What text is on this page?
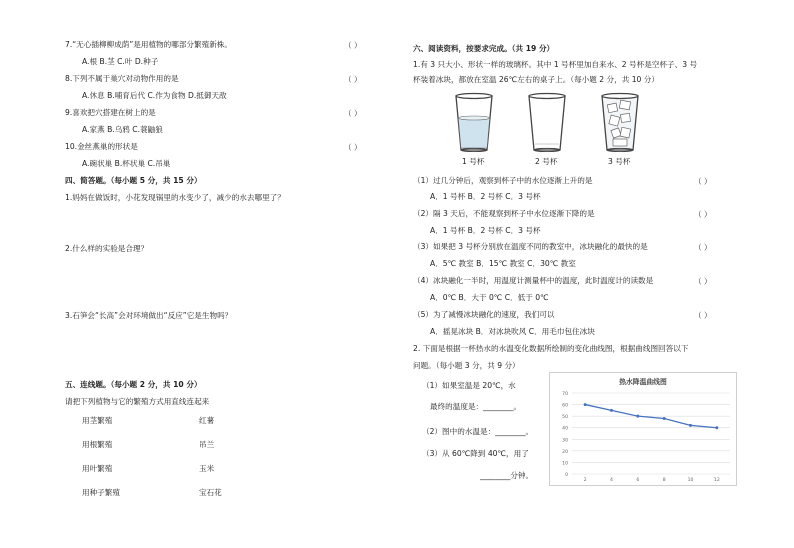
7.“无心插柳柳成荫”是用植物的哪部分繁殖新株。	（ ）
A.根 B.茎 C.叶 D.种子
8.下列不属于巢穴对动物作用的是	（ ）
A.休息 B.哺育后代 C.作为食物 D.抵御天敌
9.喜欢把穴搭建在树上的是	（ ）
A.家燕 B.乌鸦 C.蓑鼬狼
10.金丝燕巢的形状是	（ ）
A.碗状巢 B.杯状巢 C.吊巢
四、简答题。（每小题 5 分，共 15 分）
1.妈妈在做饭时，小花发现锅里的水变少了，减少的水去哪里了？
2.什么样的实验是合理？
3.石笋会“长高”会对环境做出“反应”它是生物吗？
五、连线题。（每小题 2 分，共 10 分）
请把下列植物与它的繁殖方式用直线连起来
用茎繁殖
用根繁殖
用叶繁殖
用种子繁殖
红薯
吊兰
玉米
宝石花
六、阅读资料，按要求完成。（共 19 分）
1.有 3 只大小、形状一样的玻璃杯。其中 1 号杯里加自来水、2 号杯是空杯子、3 号
杯装着冰块，都放在室温 26℃左右的桌子上。（每小题 2 分，共 10 分）
1 号杯	2 号杯	3 号杯
（1）过几分钟后，观察到杯子中的水位逐渐上升的是	（ ）
A．1 号杯 B．2 号杯 C．3 号杯
（2）隔 3 天后，不能观察到杯子中水位逐渐下降的是	（ ）
A．1 号杯 B．2 号杯 C．3 号杯
（3）如果把 3 号杯分别放在温度不同的教室中，冰块融化的最快的是	（ ）
A．5℃ 教室 B．15℃ 教室 C．30℃ 教室
（4）冰块融化一半时，用温度计测量杯中的温度，此时温度计的读数是	（ ）
A．0℃ B．大于 0℃ C．低于 0℃
（5）为了减慢冰块融化的速度，我们可以	（ ）
A．摇晃冰块 B．对冰块吹风 C．用毛巾包住冰块
2. 下面是根据一杯热水的水温变化数据所绘制的变化曲线图，根据曲线图回答以下
问题。（每小题 3 分，共 9 分）
（1）如果室温是 20℃，水
最终的温度是：________。
（2）图中的水温是：________。
（3）从 60℃降到 40℃，用了
________分钟。
热水降温曲线图
0
10
20
30
40
50
60
70
2	4	6	8	10	12
